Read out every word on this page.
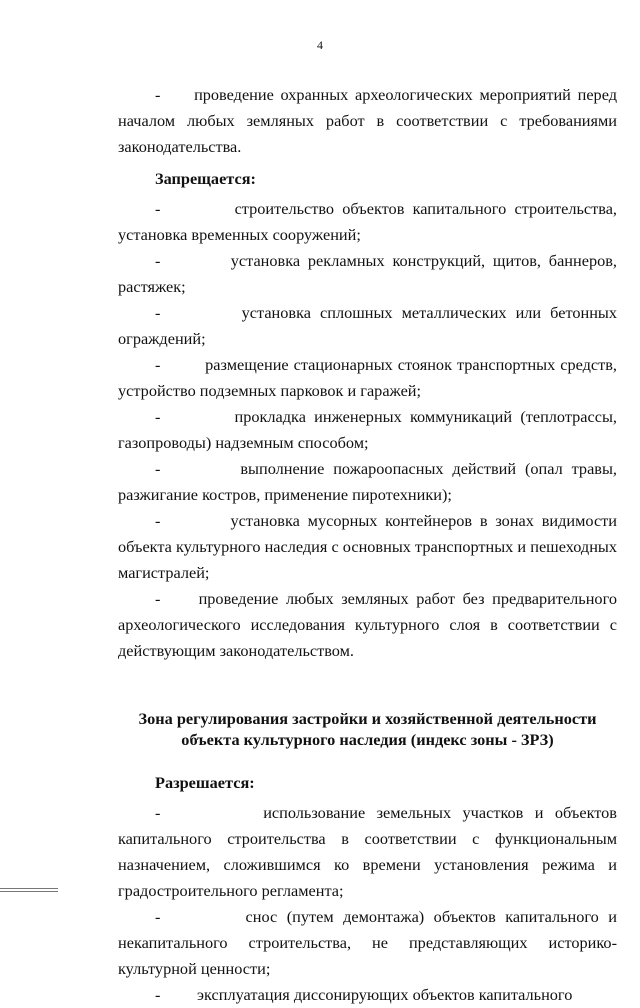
4

-     проведение охранных археологических мероприятий перед началом любых земляных работ в соответствии с требованиями законодательства.

Запрещается:

-         строительство объектов капитального строительства, установка временных сооружений;

-         установка рекламных конструкций, щитов, баннеров, растяжек;

-         установка сплошных металлических или бетонных ограждений;

-         размещение стационарных стоянок транспортных средств, устройство подземных парковок и гаражей;

-         прокладка инженерных коммуникаций (теплотрассы, газопроводы) надземным способом;

-         выполнение пожароопасных действий (опал травы, разжигание костров, применение пиротехники);

-         установка мусорных контейнеров в зонах видимости объекта культурного наследия с основных транспортных и пешеходных магистралей;

-     проведение любых земляных работ без предварительного археологического исследования культурного слоя в соответствии с действующим законодательством.

Зона регулирования застройки и хозяйственной деятельности
объекта культурного наследия (индекс зоны - ЗРЗ)

Разрешается:

-         использование земельных участков и объектов капитального строительства в соответствии с функциональным назначением, сложившимся ко времени установления режима и градостроительного регламента;

-         снос (путем демонтажа) объектов капитального и некапитального строительства, не представляющих историко-культурной ценности;

-         эксплуатация диссонирующих объектов капитального
